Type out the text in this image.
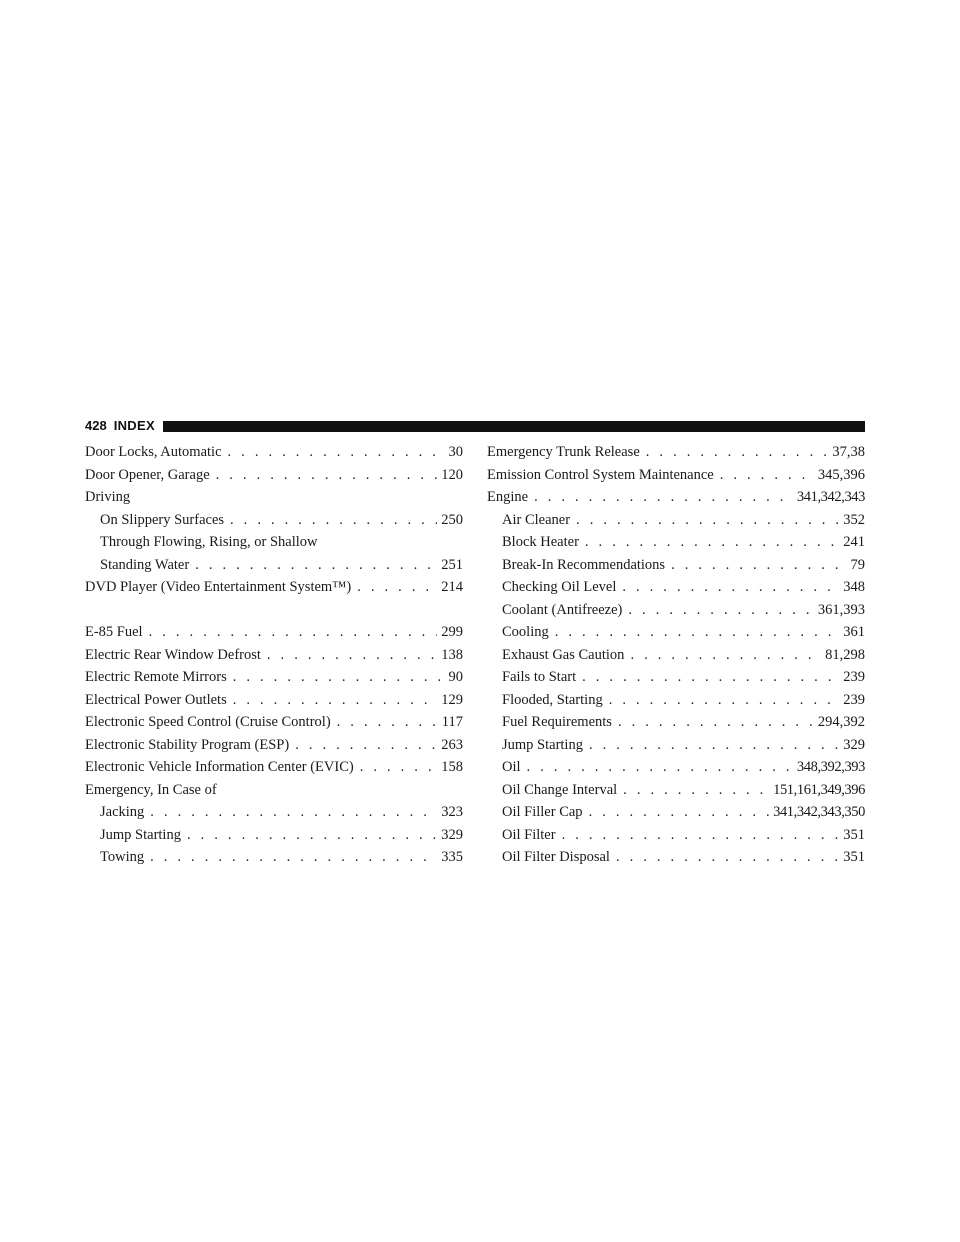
428 INDEX
Door Locks, Automatic . . .	30
Door Opener, Garage . . .	120
Driving
On Slippery Surfaces . . .	250
Through Flowing, Rising, or Shallow
Standing Water . . .	251
DVD Player (Video Entertainment System™) . . .	214
E-85 Fuel . . .	299
Electric Rear Window Defrost . . .	138
Electric Remote Mirrors . . .	90
Electrical Power Outlets . . .	129
Electronic Speed Control (Cruise Control) . . .	117
Electronic Stability Program (ESP) . . .	263
Electronic Vehicle Information Center (EVIC) . . .	158
Emergency, In Case of
Jacking . . .	323
Jump Starting . . .	329
Towing . . .	335
Emergency Trunk Release . . .	37,38
Emission Control System Maintenance . . .	345,396
Engine . . .	341,342,343
Air Cleaner . . .	352
Block Heater . . .	241
Break-In Recommendations . . .	79
Checking Oil Level . . .	348
Coolant (Antifreeze) . . .	361,393
Cooling . . .	361
Exhaust Gas Caution . . .	81,298
Fails to Start . . .	239
Flooded, Starting . . .	239
Fuel Requirements . . .	294,392
Jump Starting . . .	329
Oil . . .	348,392,393
Oil Change Interval . . .	151,161,349,396
Oil Filler Cap . . .	341,342,343,350
Oil Filter . . .	351
Oil Filter Disposal . . .	351
